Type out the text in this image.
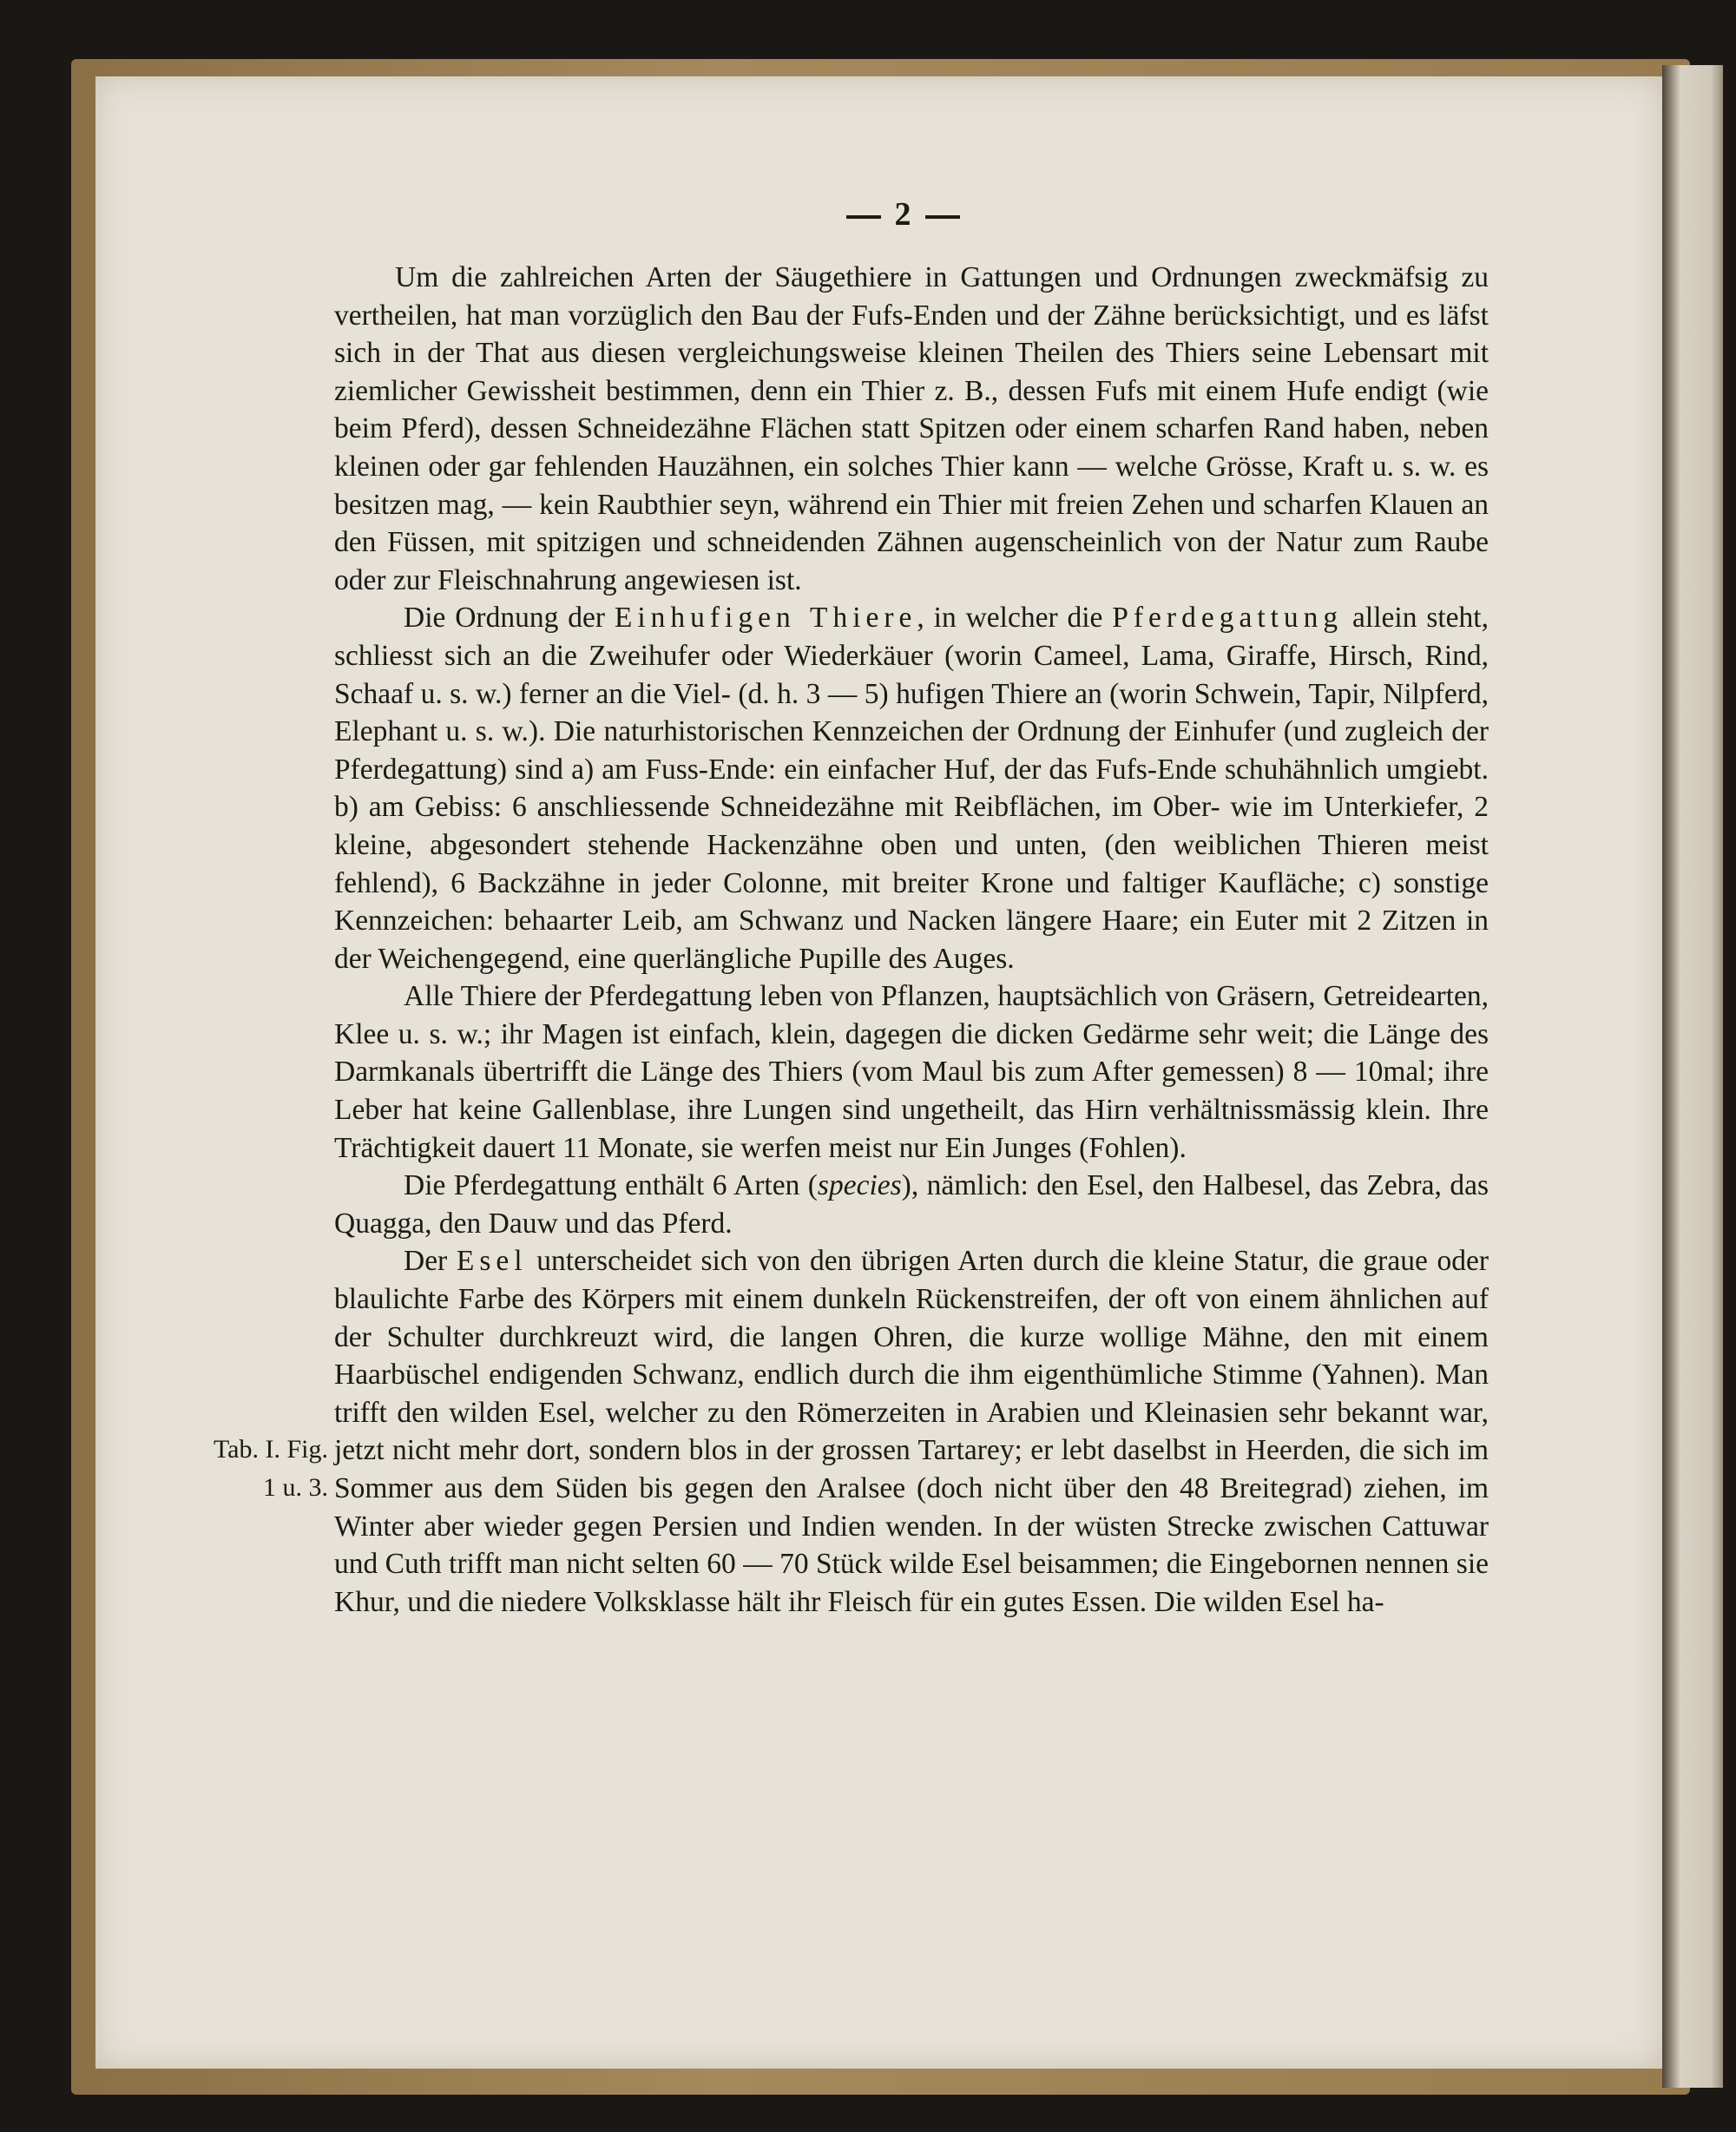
2
Tab. I. Fig.
1 u. 3.

Um die zahlreichen Arten der Säugethiere in Gattungen und Ordnungen zweckmäfsig zu vertheilen, hat man vorzüglich den Bau der Fufs-Enden und der Zähne berücksichtigt, und es läfst sich in der That aus diesen vergleichungsweise kleinen Theilen des Thiers seine Lebensart mit ziemlicher Gewissheit bestimmen, denn ein Thier z. B., dessen Fufs mit einem Hufe endigt (wie beim Pferd), dessen Schneidezähne Flächen statt Spitzen oder einem scharfen Rand haben, neben kleinen oder gar fehlenden Hauzähnen, ein solches Thier kann — welche Grösse, Kraft u. s. w. es besitzen mag, — kein Raubthier seyn, während ein Thier mit freien Zehen und scharfen Klauen an den Füssen, mit spitzigen und schneidenden Zähnen augenscheinlich von der Natur zum Raube oder zur Fleischnahrung angewiesen ist.

Die Ordnung der Einhufigen Thiere, in welcher die Pferdegattung allein steht, schliesst sich an die Zweihufer oder Wiederkäuer (worin Cameel, Lama, Giraffe, Hirsch, Rind, Schaaf u. s. w.) ferner an die Viel- (d. h. 3 — 5) hufigen Thiere an (worin Schwein, Tapir, Nilpferd, Elephant u. s. w.). Die naturhistorischen Kennzeichen der Ordnung der Einhufer (und zugleich der Pferdegattung) sind a) am Fuss-Ende: ein einfacher Huf, der das Fufs-Ende schuhähnlich umgiebt. b) am Gebiss: 6 anschliessende Schneidezähne mit Reibflächen, im Ober- wie im Unterkiefer, 2 kleine, abgesondert stehende Hackenzähne oben und unten, (den weiblichen Thieren meist fehlend), 6 Backzähne in jeder Colonne, mit breiter Krone und faltiger Kaufläche; c) sonstige Kennzeichen: behaarter Leib, am Schwanz und Nacken längere Haare; ein Euter mit 2 Zitzen in der Weichengegend, eine querlängliche Pupille des Auges.

Alle Thiere der Pferdegattung leben von Pflanzen, hauptsächlich von Gräsern, Getreidearten, Klee u. s. w.; ihr Magen ist einfach, klein, dagegen die dicken Gedärme sehr weit; die Länge des Darmkanals übertrifft die Länge des Thiers (vom Maul bis zum After gemessen) 8 — 10mal; ihre Leber hat keine Gallenblase, ihre Lungen sind ungetheilt, das Hirn verhältnissmässig klein. Ihre Trächtigkeit dauert 11 Monate, sie werfen meist nur Ein Junges (Fohlen).

Die Pferdegattung enthält 6 Arten (species), nämlich: den Esel, den Halbesel, das Zebra, das Quagga, den Dauw und das Pferd.

Der Esel unterscheidet sich von den übrigen Arten durch die kleine Statur, die graue oder blaulichte Farbe des Körpers mit einem dunkeln Rückenstreifen, der oft von einem ähnlichen auf der Schulter durchkreuzt wird, die langen Ohren, die kurze wollige Mähne, den mit einem Haarbüschel endigenden Schwanz, endlich durch die ihm eigenthümliche Stimme (Yahnen). Man trifft den wilden Esel, welcher zu den Römerzeiten in Arabien und Kleinasien sehr bekannt war, jetzt nicht mehr dort, sondern blos in der grossen Tartarey; er lebt daselbst in Heerden, die sich im Sommer aus dem Süden bis gegen den Aralsee (doch nicht über den 48 Breitegrad) ziehen, im Winter aber wieder gegen Persien und Indien wenden. In der wüsten Strecke zwischen Cattuwar und Cuth trifft man nicht selten 60 — 70 Stück wilde Esel beisammen; die Eingebornen nennen sie Khur, und die niedere Volksklasse hält ihr Fleisch für ein gutes Essen. Die wilden Esel ha-
